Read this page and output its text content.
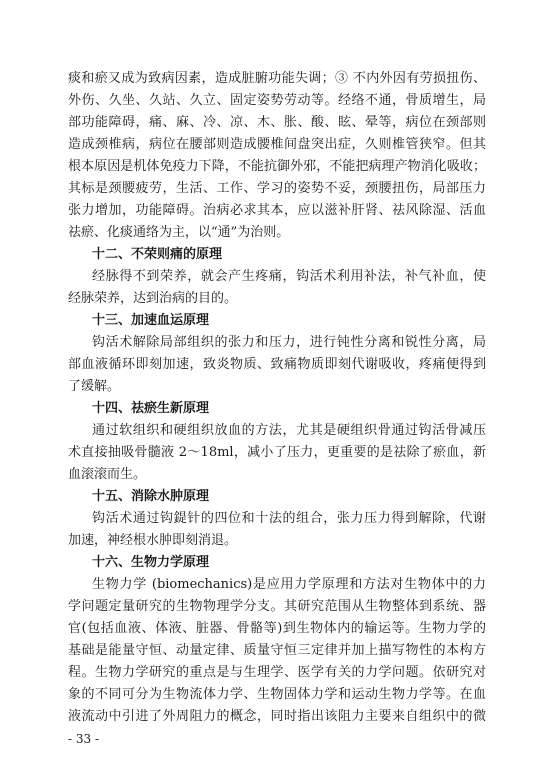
痰和瘀又成为致病因素，造成脏腑功能失调；③ 不内外因有劳损扭伤、
外伤、久坐、久站、久立、固定姿势劳动等。经络不通，骨质增生，局
部功能障碍，痛、麻、冷、凉、木、胀、酸、眩、晕等，病位在颈部则
造成颈椎病，病位在腰部则造成腰椎间盘突出症，久则椎管狭窄。但其
根本原因是机体免疫力下降，不能抗御外邪，不能把病理产物消化吸收；
其标是颈腰疲劳，生活、工作、学习的姿势不妥，颈腰扭伤，局部压力
张力增加，功能障碍。治病必求其本，应以滋补肝肾、祛风除湿、活血
祛瘀、化痰通络为主，以“通”为治则。
十二、不荣则痛的原理
经脉得不到荣养，就会产生疼痛，钩活术利用补法，补气补血，使
经脉荣养，达到治病的目的。
十三、加速血运原理
钩活术解除局部组织的张力和压力，进行钝性分离和锐性分离，局
部血液循环即刻加速，致炎物质、致痛物质即刻代谢吸收，疼痛便得到
了缓解。
十四、祛瘀生新原理
通过软组织和硬组织放血的方法，尤其是硬组织骨通过钩活骨减压
术直接抽吸骨髓液 2～18ml，减小了压力，更重要的是祛除了瘀血，新
血滚滚而生。
十五、消除水肿原理
钩活术通过钩鍉针的四位和十法的组合，张力压力得到解除，代谢
加速，神经根水肿即刻消退。
十六、生物力学原理
生物力学 (biomechanics)是应用力学原理和方法对生物体中的力
学问题定量研究的生物物理学分支。其研究范围从生物整体到系统、器
官(包括血液、体液、脏器、骨骼等)到生物体内的输运等。生物力学的
基础是能量守恒、动量定律、质量守恒三定律并加上描写物性的本构方
程。生物力学研究的重点是与生理学、医学有关的力学问题。依研究对
象的不同可分为生物流体力学、生物固体力学和运动生物力学等。在血
液流动中引进了外周阻力的概念，同时指出该阻力主要来自组织中的微
- 33 -
